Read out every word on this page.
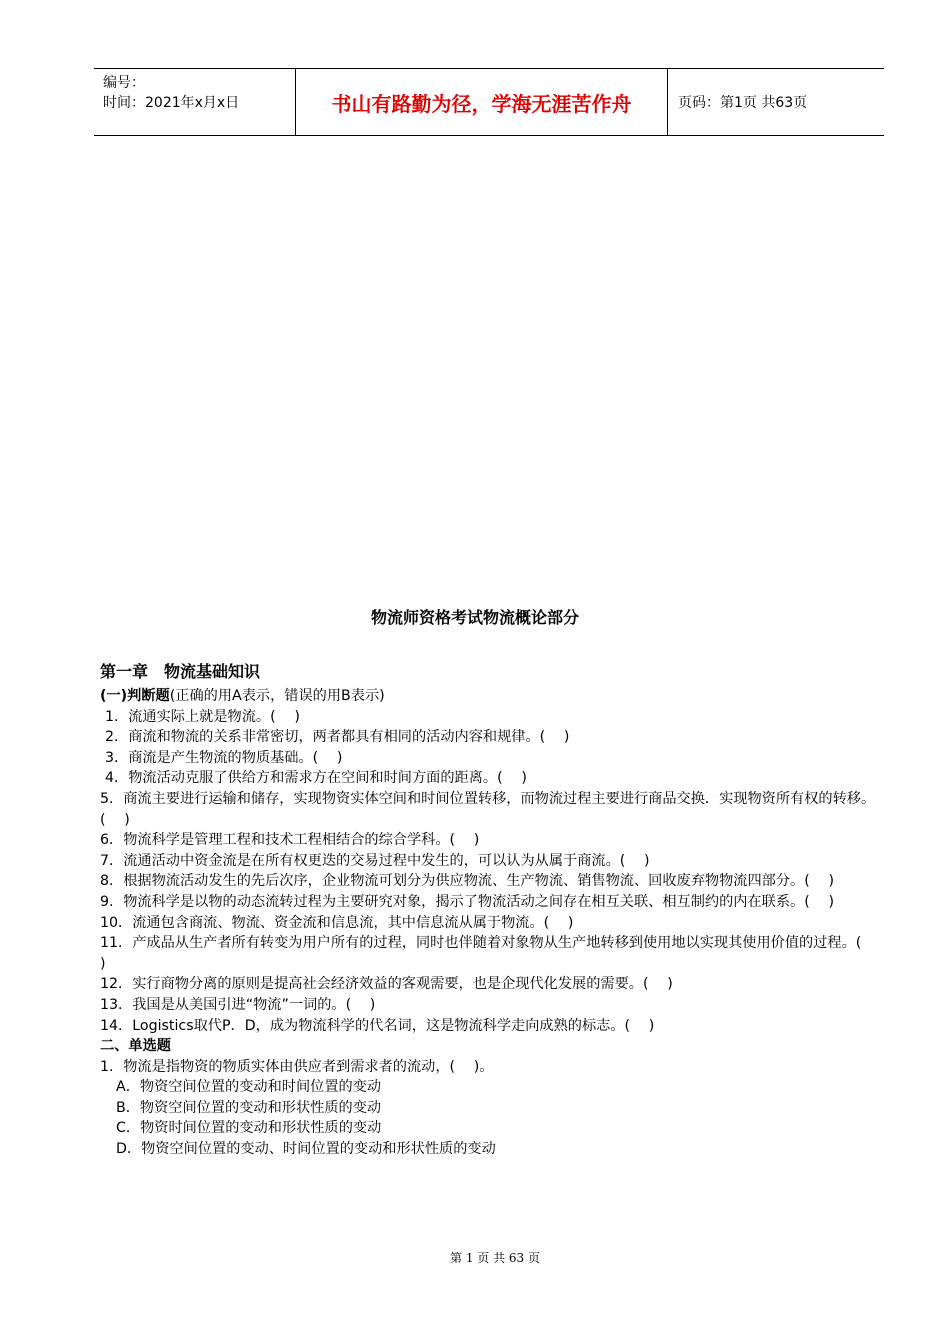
编号：
时间：2021年x月x日	书山有路勤为径，学海无涯苦作舟	页码：第1页 共63页
物流师资格考试物流概论部分
第一章　物流基础知识
(一)判断题(正确的用A表示，错误的用B表示)
1．流通实际上就是物流。(　 )
2．商流和物流的关系非常密切，两者都具有相同的活动内容和规律。(　 )
3．商流是产生物流的物质基础。(　 )
4．物流活动克服了供给方和需求方在空间和时间方面的距离。(　 )
5．商流主要进行运输和储存，实现物资实体空间和时间位置转移，而物流过程主要进行商品交换．实现物资所有权的转移。(　 )
6．物流科学是管理工程和技术工程相结合的综合学科。(　 )
7．流通活动中资金流是在所有权更迭的交易过程中发生的，可以认为从属于商流。(　 )
8．根据物流活动发生的先后次序，企业物流可划分为供应物流、生产物流、销售物流、回收废弃物物流四部分。(　 )
9．物流科学是以物的动态流转过程为主要研究对象，揭示了物流活动之间存在相互关联、相互制约的内在联系。(　 )
10．流通包含商流、物流、资金流和信息流，其中信息流从属于物流。(　 )
11．产成品从生产者所有转变为用户所有的过程，同时也伴随着对象物从生产地转移到使用地以实现其使用价值的过程。(　 )
12．实行商物分离的原则是提高社会经济效益的客观需要，也是企现代化发展的需要。(　 )
13．我国是从美国引进“物流”一词的。(　 )
14．Logistics取代P．D，成为物流科学的代名词，这是物流科学走向成熟的标志。(　 )
二、单选题
1．物流是指物资的物质实体由供应者到需求者的流动，(　 )。
A．物资空间位置的变动和时间位置的变动
B．物资空间位置的变动和形状性质的变动
C．物资时间位置的变动和形状性质的变动
D．物资空间位置的变动、时间位置的变动和形状性质的变动
第 1 页 共 63 页
